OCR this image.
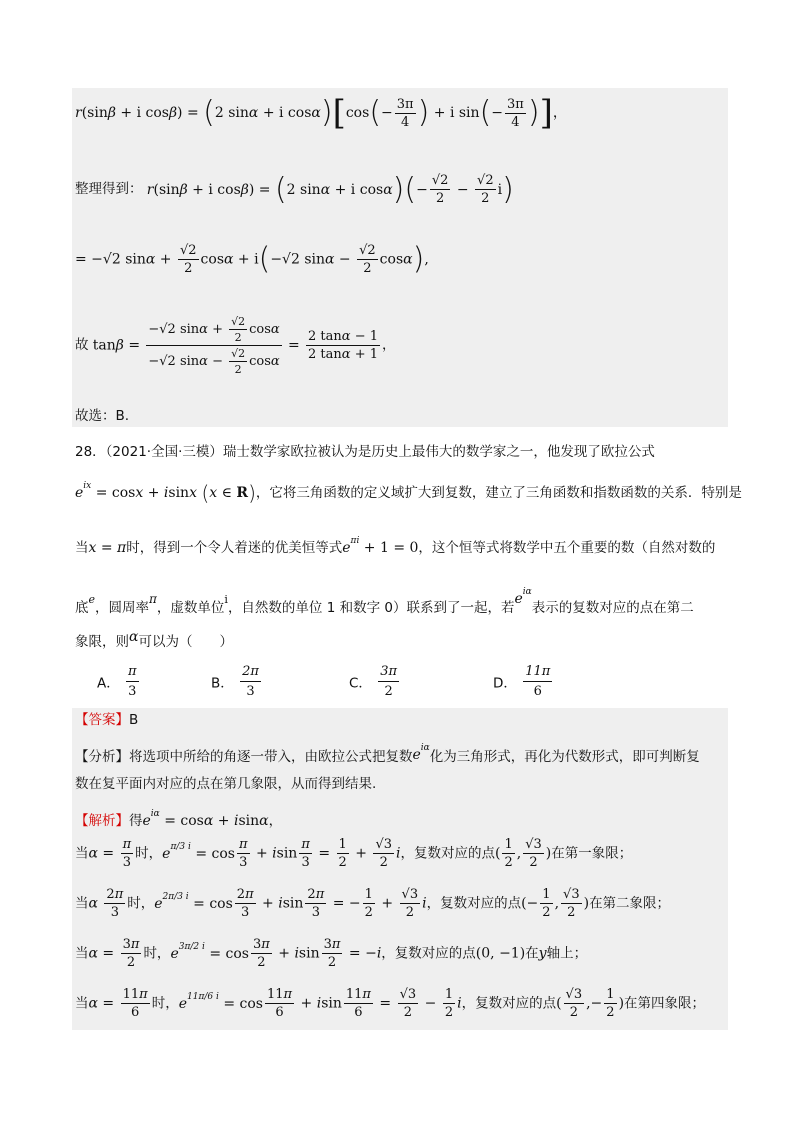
r(sinβ + i cosβ) = (2 sinα + i $\cos\alpha)[\cos(- \frac{3\pi}{4}$ ) + i $\sin(- \frac{3\pi}{4}$ )]，
整理得到： r(sinβ + i cosβ) = (2 sinα + i $\cos\alpha)(- \frac{√2}{2} - \frac{√2}{2} i)$
= −√2 $\sin\alpha + \frac{√2}{2}$ cosα + i(−√2 $\sin\alpha - \frac{√2}{2} \cos\alpha$),
故 $\tan\beta = \frac{-√2 \sin\alpha + \frac{√2}{2} \cos\alpha}{-√2 \sin\alpha - \frac{√2}{2} \cos\alpha} = \frac{2 \tan\alpha - 1}{2 \tan\alpha + 1}$ ，
故选：B.
28．（2021·全国·三模）瑞士数学家欧拉被认为是历史上最伟大的数学家之一，他发现了欧拉公式
$e^{ix} = \cos x + isinx$ (x ∈ R)，它将三角函数的定义域扩大到复数，建立了三角函数和指数函数的关系．特别是
当x = π时，得到一个令人着迷的优美恒等式$e^{\pi i} + 1 = 0$，这个恒等式将数学中五个重要的数（自然对数的
底$^e$，圆周率π，虚数单位$^i$，自然数的单位 1 和数字 0）联系到了一起，若$e^{i\alpha}$表示的复数对应的点在第二
象限，则α可以为（　　）
A． $\frac{\pi}{3}$	B． $\frac{2\pi}{3}$	C． $\frac{3\pi}{2}$	D． $\frac{11\pi}{6}$
【答案】B
【分析】将选项中所给的角逐一带入，由欧拉公式把复数$e^{i\alpha}$化为三角形式，再化为代数形式，即可判断复
数在复平面内对应的点在第几象限，从而得到结果.
【解析】得$e^{i\alpha} = \cos\alpha + isin\alpha$，
当$\alpha = \frac{\pi}{3}$ 时，$e^{\pi/3 i} = \cos \frac{\pi}{3} + isin \frac{\pi}{3} = \frac{1}{2} + \frac{√3}{2}$ i，复数对应的点( $\frac{1}{2}$ , $\frac{√3}{2}$ )在第一象限；
当α $\frac{2\pi}{3}$ 时，$e^{2\pi/3 i} = \cos \frac{2\pi}{3} + isin \frac{2\pi}{3}$ = − $\frac{1}{2} + \frac{√3}{2}$ i，复数对应的点(− $\frac{1}{2}$ , $\frac{√3}{2}$ )在第二象限；
当$\alpha = \frac{3\pi}{2}$ 时，$e^{3\pi/2 i} = \cos \frac{3\pi}{2} + isin \frac{3\pi}{2} = -i$，复数对应的点(0, −1)在y轴上；
当$\alpha = \frac{11\pi}{6}$ 时，$e^{11\pi/6 i} = \cos \frac{11\pi}{6} + isin \frac{11\pi}{6} = \frac{√3}{2} - \frac{1}{2}$ i，复数对应的点( $\frac{√3}{2}$ ,− $\frac{1}{2}$ )在第四象限；
